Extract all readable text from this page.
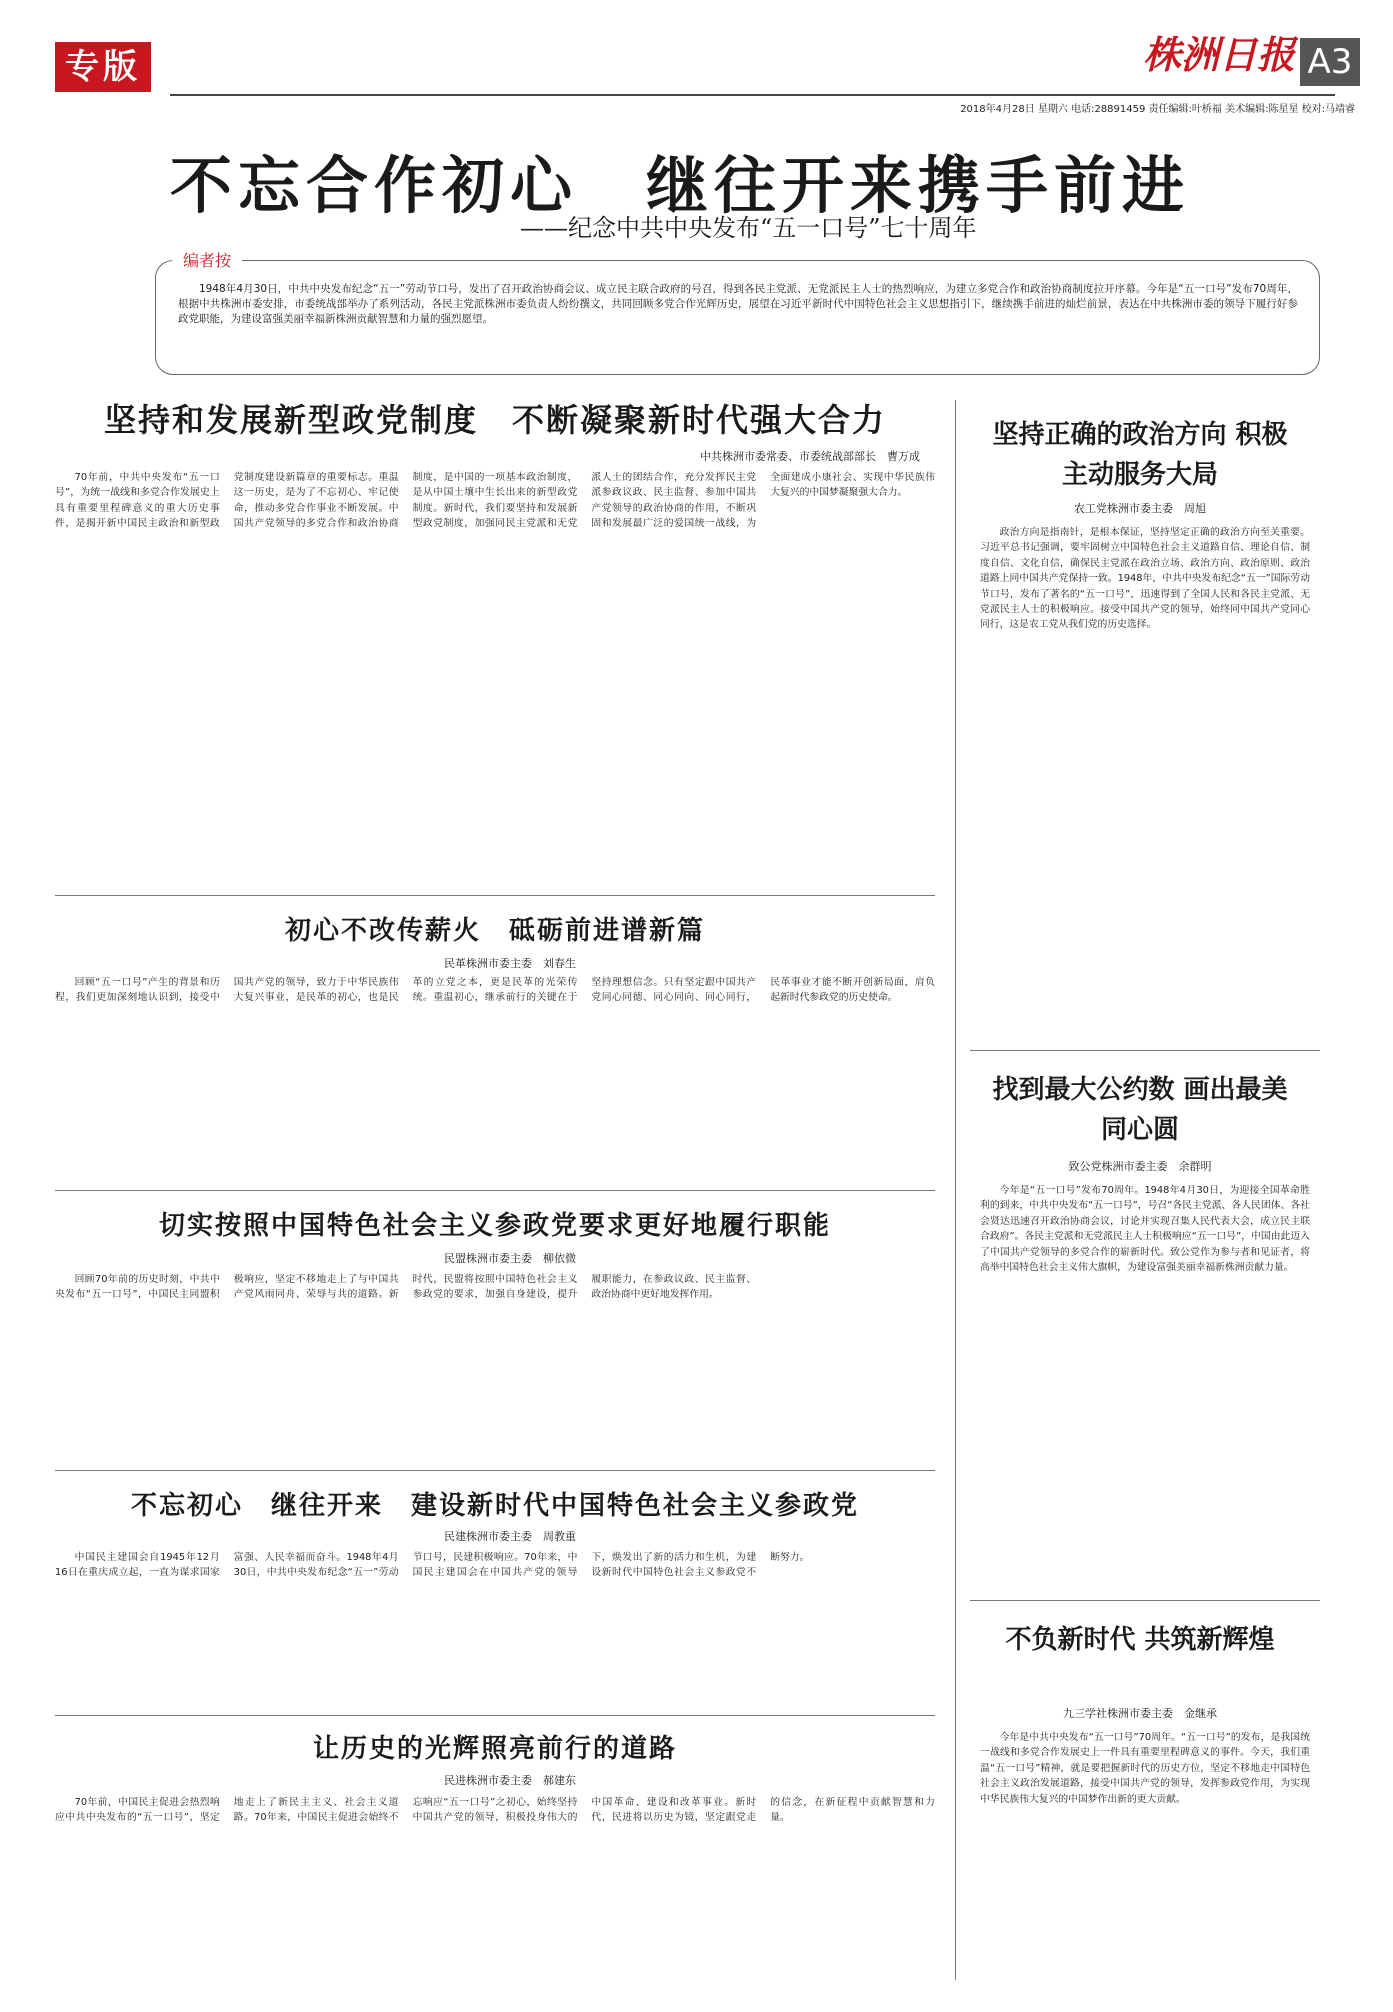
专版	株洲日报 A3
2018年4月28日 星期六 电话:28891459 责任编辑:叶桥福 美术编辑:陈星星 校对:马靖睿
不忘合作初心　继往开来携手前进
——纪念中共中央发布“五一口号”七十周年
编者按
1948年4月30日，中共中央发布纪念“五一”劳动节口号，发出了召开政治协商会议、成立民主联合政府的号召，得到各民主党派、无党派民主人士的热烈响应，为建立多党合作和政治协商制度拉开序幕。今年是“五一口号”发布70周年，根据中共株洲市委安排，市委统战部举办了系列活动，各民主党派株洲市委负责人纷纷撰文，共同回顾多党合作光辉历史，展望在习近平新时代中国特色社会主义思想指引下，继续携手前进的灿烂前景，表达在中共株洲市委的领导下履行好参政党职能，为建设富强美丽幸福新株洲贡献智慧和力量的强烈愿望。
坚持和发展新型政党制度　不断凝聚新时代强大合力
中共株洲市委常委、市委统战部部长　曹万成
70年前，中共中央发布“五一口号”，为统一战线和多党合作发展史上具有重要里程碑意义的重大历史事件，是揭开新中国民主政治和新型政党制度建设新篇章的重要标志。重温这一历史，是为了不忘初心、牢记使命，推动多党合作事业不断发展。中国共产党领导的多党合作和政治协商制度，是中国的一项基本政治制度，是从中国土壤中生长出来的新型政党制度。新时代，我们要坚持和发展新型政党制度，加强同民主党派和无党派人士的团结合作，充分发挥民主党派参政议政、民主监督、参加中国共产党领导的政治协商的作用，不断巩固和发展最广泛的爱国统一战线，为全面建成小康社会、实现中华民族伟大复兴的中国梦凝聚强大合力。
坚持正确的政治方向 积极主动服务大局
农工党株洲市委主委　周旭
政治方向是指南针，是根本保证，坚持坚定正确的政治方向至关重要。习近平总书记强调，要牢固树立中国特色社会主义道路自信、理论自信、制度自信、文化自信，确保民主党派在政治立场、政治方向、政治原则、政治道路上同中国共产党保持一致。1948年，中共中央发布纪念“五一”国际劳动节口号，发布了著名的“五一口号”，迅速得到了全国人民和各民主党派、无党派民主人士的积极响应。接受中国共产党的领导，始终同中国共产党同心同行，这是农工党从我们党的历史选择。
初心不改传薪火　砥砺前进谱新篇
民革株洲市委主委　刘春生
回顾“五一口号”产生的背景和历程，我们更加深刻地认识到，接受中国共产党的领导，致力于中华民族伟大复兴事业，是民革的初心，也是民革的立党之本，更是民革的光荣传统。重温初心，继承前行的关键在于坚持理想信念。只有坚定跟中国共产党同心同德、同心同向、同心同行，民革事业才能不断开创新局面，肩负起新时代参政党的历史使命。
找到最大公约数 画出最美同心圆
致公党株洲市委主委　余群明
今年是“五一口号”发布70周年。1948年4月30日，为迎接全国革命胜利的到来，中共中央发布“五一口号”，号召“各民主党派、各人民团体、各社会贤达迅速召开政治协商会议，讨论并实现召集人民代表大会，成立民主联合政府”。各民主党派和无党派民主人士积极响应“五一口号”，中国由此迈入了中国共产党领导的多党合作的崭新时代。致公党作为参与者和见证者，将高举中国特色社会主义伟大旗帜，为建设富强美丽幸福新株洲贡献力量。
切实按照中国特色社会主义参政党要求更好地履行职能
民盟株洲市委主委　柳依微
回顾70年前的历史时刻，中共中央发布“五一口号”，中国民主同盟积极响应，坚定不移地走上了与中国共产党风雨同舟、荣辱与共的道路。新时代，民盟将按照中国特色社会主义参政党的要求，加强自身建设，提升履职能力，在参政议政、民主监督、政治协商中更好地发挥作用。
不忘初心　继往开来　建设新时代中国特色社会主义参政党
民建株洲市委主委　周教重
中国民主建国会自1945年12月16日在重庆成立起，一直为谋求国家富强、人民幸福而奋斗。1948年4月30日，中共中央发布纪念“五一”劳动节口号，民建积极响应。70年来，中国民主建国会在中国共产党的领导下，焕发出了新的活力和生机，为建设新时代中国特色社会主义参政党不断努力。
不负新时代 共筑新辉煌
九三学社株洲市委主委　金继承
今年是中共中央发布“五一口号”70周年。“五一口号”的发布，是我国统一战线和多党合作发展史上一件具有重要里程碑意义的事件。今天，我们重温“五一口号”精神，就是要把握新时代的历史方位，坚定不移地走中国特色社会主义政治发展道路，接受中国共产党的领导，发挥参政党作用，为实现中华民族伟大复兴的中国梦作出新的更大贡献。
让历史的光辉照亮前行的道路
民进株洲市委主委　郝建东
70年前，中国民主促进会热烈响应中共中央发布的“五一口号”，坚定地走上了新民主主义、社会主义道路。70年来，中国民主促进会始终不忘响应“五一口号”之初心，始终坚持中国共产党的领导，积极投身伟大的中国革命、建设和改革事业。新时代，民进将以历史为镜，坚定跟党走的信念，在新征程中贡献智慧和力量。
